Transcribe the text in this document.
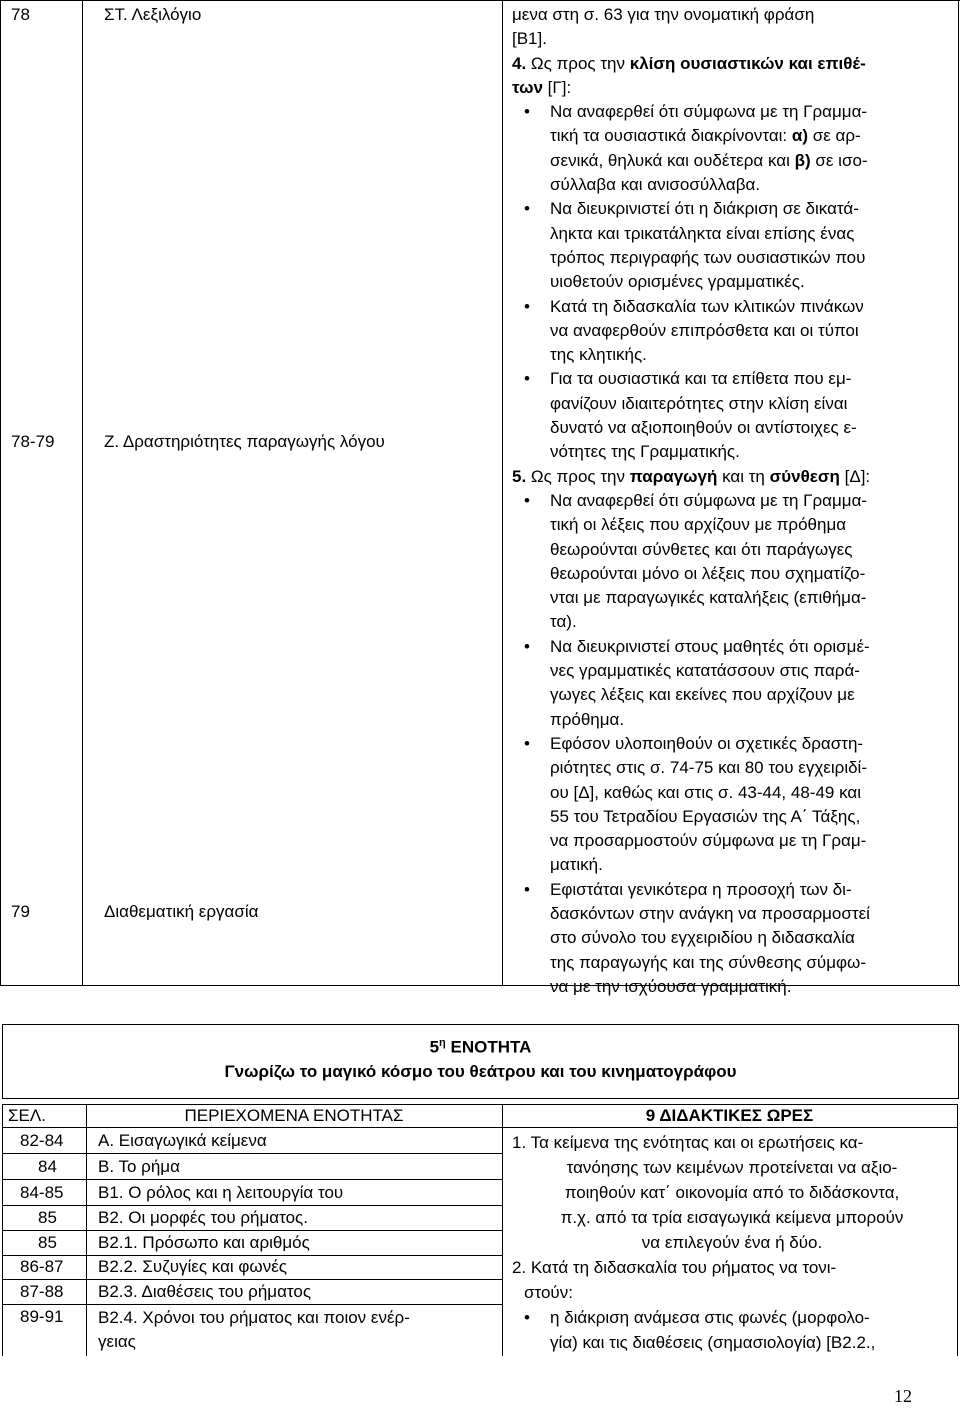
78	ΣΤ. Λεξιλόγιο
78-79	Ζ. Δραστηριότητες παραγωγής λόγου
79	Διαθεματική εργασία

μενα στη σ. 63 για την ονοματική φράση

[Β1].

4. Ως προς την κλίση ουσιαστικών και επιθέ-

των [Γ]:

• Να αναφερθεί ότι σύμφωνα με τη Γραμμα-

τική τα ουσιαστικά διακρίνονται: α) σε αρ-

σενικά, θηλυκά και ουδέτερα και β) σε ισο-

σύλλαβα και ανισοσύλλαβα.

• Να διευκρινιστεί ότι η διάκριση σε δικατά-

ληκτα και τρικατάληκτα είναι επίσης ένας

τρόπος περιγραφής των ουσιαστικών που

υιοθετούν ορισμένες γραμματικές.

• Κατά τη διδασκαλία των κλιτικών πινάκων

να αναφερθούν επιπρόσθετα και οι τύποι

της κλητικής.

• Για τα ουσιαστικά και τα επίθετα που εμ-

φανίζουν ιδιαιτερότητες στην κλίση είναι

δυνατό να αξιοποιηθούν οι αντίστοιχες ε-

νότητες της Γραμματικής.

5. Ως προς την παραγωγή και τη σύνθεση [Δ]:

• Να αναφερθεί ότι σύμφωνα με τη Γραμμα-

τική οι λέξεις που αρχίζουν με πρόθημα

θεωρούνται σύνθετες και ότι παράγωγες

θεωρούνται μόνο οι λέξεις που σχηματίζο-

νται με παραγωγικές καταλήξεις (επιθήμα-

τα).

• Να διευκρινιστεί στους μαθητές ότι ορισμέ-

νες γραμματικές κατατάσσουν στις παρά-

γωγες λέξεις και εκείνες που αρχίζουν με

πρόθημα.

• Εφόσον υλοποιηθούν οι σχετικές δραστη-

ριότητες στις σ. 74-75 και 80 του εγχειριδί-

ου [Δ], καθώς και στις σ. 43-44, 48-49 και

55 του Τετραδίου Εργασιών της Α΄ Τάξης,

να προσαρμοστούν σύμφωνα με τη Γραμ-

ματική.

• Εφιστάται γενικότερα η προσοχή των δι-

δασκόντων στην ανάγκη να προσαρμοστεί

στο σύνολο του εγχειριδίου η διδασκαλία

της παραγωγής και της σύνθεσης σύμφω-

να με την ισχύουσα γραμματική.

$5^\eta$ ΕΝΟΤΗΤΑ
Γνωρίζω το μαγικό κόσμο του θεάτρου και του κινηματογράφου
ΣΕΛ.	ΠΕΡΙΕΧΟΜΕΝΑ ΕΝΟΤΗΤΑΣ	9 ΔΙΔΑΚΤΙΚΕΣ ΩΡΕΣ
82-84 Α. Εισαγωγικά κείμενα
84 Β. Το ρήμα
84-85 Β1. Ο ρόλος και η λειτουργία του
85 Β2. Οι μορφές του ρήματος.
85 Β2.1. Πρόσωπο και αριθμός
86-87 Β2.2. Συζυγίες και φωνές
87-88 Β2.3. Διαθέσεις του ρήματος
89-91 Β2.4. Χρόνοι του ρήματος και ποιον ενέρ-
γειας

1. Τα κείμενα της ενότητας και οι ερωτήσεις κα-

τανόησης των κειμένων προτείνεται να αξιο-

ποιηθούν κατ΄ οικονομία από το διδάσκοντα,

π.χ. από τα τρία εισαγωγικά κείμενα μπορούν

να επιλεγούν ένα ή δύο.

2. Κατά τη διδασκαλία του ρήματος να τονι-

στούν:

• η διάκριση ανάμεσα στις φωνές (μορφολο-

γία) και τις διαθέσεις (σημασιολογία) [Β2.2.,

12
